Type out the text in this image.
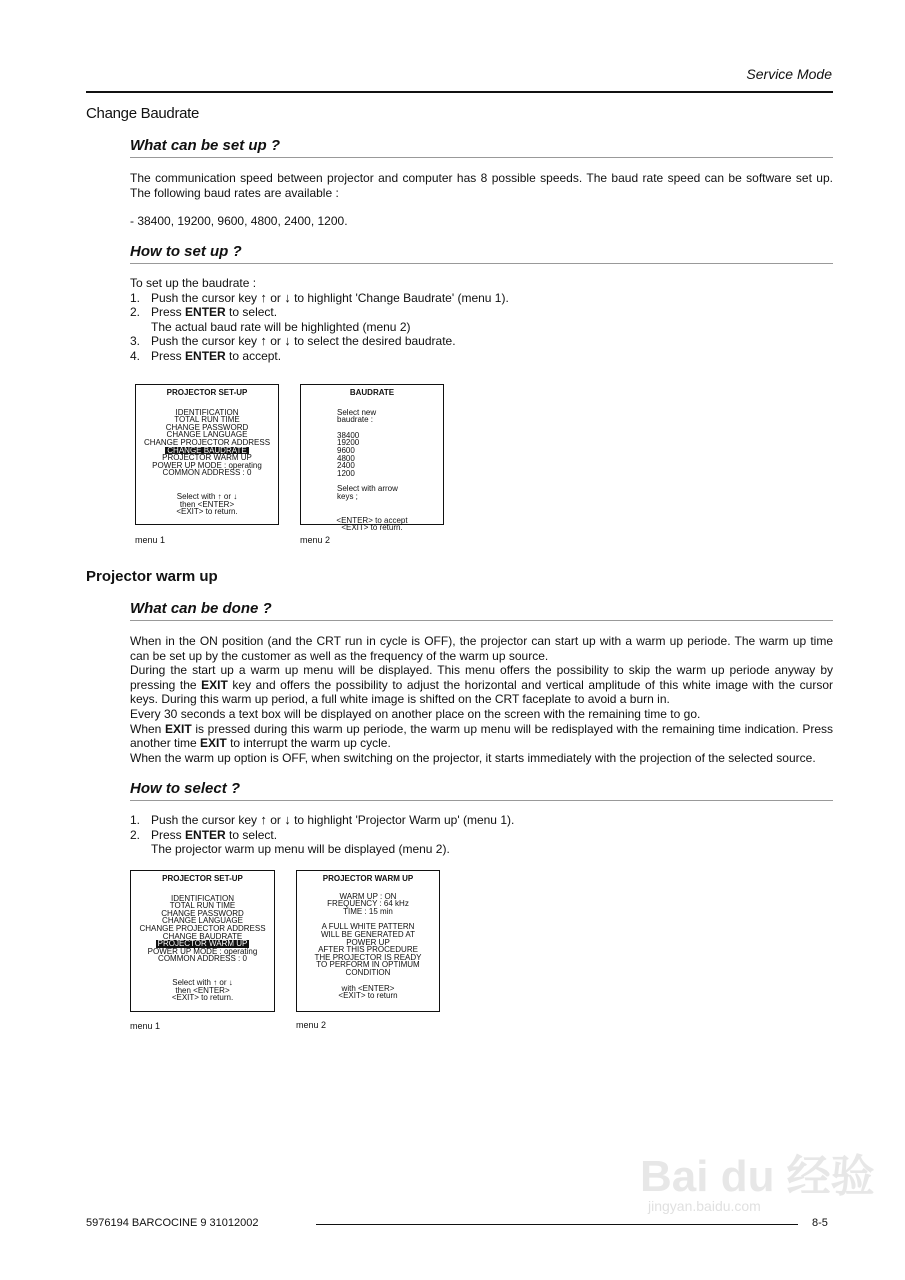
Service Mode
Change Baudrate
What can be set up ?

The communication speed between projector and computer has 8 possible speeds. The baud rate speed can be software set up. The following baud rates are available :

- 38400, 19200, 9600, 4800, 2400, 1200.
How to set up ?
To set up the baudrate :
1. Push the cursor key ↑ or ↓ to highlight 'Change Baudrate' (menu 1).
2. Press ENTER to select.
The actual baud rate will be highlighted (menu 2)
3. Push the cursor key ↑ or ↓ to select the desired baudrate.
4. Press ENTER to accept.
PROJECTOR SET-UP
IDENTIFICATION
TOTAL RUN TIME
CHANGE PASSWORD
CHANGE LANGUAGE
CHANGE PROJECTOR ADDRESS
CHANGE BAUDRATE
PROJECTOR WARM UP
POWER UP MODE : operating
COMMON ADDRESS : 0
Select with ↑ or ↓
then <ENTER>
<EXIT> to return.
menu 1
BAUDRATE
Select new
baudrate :
3840019200
96004800
24001200
Select with arrow
keys ;
<ENTER> to accept
<EXIT> to return.
menu 2
Projector warm up
What can be done ?

When in the ON position (and the CRT run in cycle is OFF), the projector can start up with a warm up periode. The warm up time can be set up by the customer as well as the frequency of the warm up source.

During the start up a warm up menu will be displayed. This menu offers the possibility to skip the warm up periode anyway by pressing the EXIT key and offers the possibility to adjust the horizontal and vertical amplitude of this white image with the cursor keys. During this warm up period, a full white image is shifted on the CRT faceplate to avoid a burn in.

Every 30 seconds a text box will be displayed on another place on the screen with the remaining time to go.

When EXIT is pressed during this warm up periode, the warm up menu will be redisplayed with the remaining time indication. Press another time EXIT to interrupt the warm up cycle.

When the warm up option is OFF, when switching on the projector, it starts immediately with the projection of the selected source.

How to select ?
1. Push the cursor key ↑ or ↓ to highlight 'Projector Warm up' (menu 1).
2. Press ENTER to select.
The projector warm up menu will be displayed (menu 2).
PROJECTOR SET-UP
IDENTIFICATION
TOTAL RUN TIME
CHANGE PASSWORD
CHANGE LANGUAGE
CHANGE PROJECTOR ADDRESS
CHANGE BAUDRATE
PROJECTOR WARM UP
POWER UP MODE : operating
COMMON ADDRESS : 0
Select with ↑ or ↓
then <ENTER>
<EXIT> to return.
menu 1
PROJECTOR WARM UP
WARM UP : ON
FREQUENCY : 64 kHz
TIME : 15 min
A FULL WHITE PATTERN
WILL BE GENERATED AT
POWER UP
AFTER THIS PROCEDURE
THE PROJECTOR IS READY
TO PERFORM IN OPTIMUM
CONDITION
with <ENTER>
<EXIT> to return
menu 2
5976194 BARCOCINE 9 31012002	8-5
Bai du 经验
jingyan.baidu.com
